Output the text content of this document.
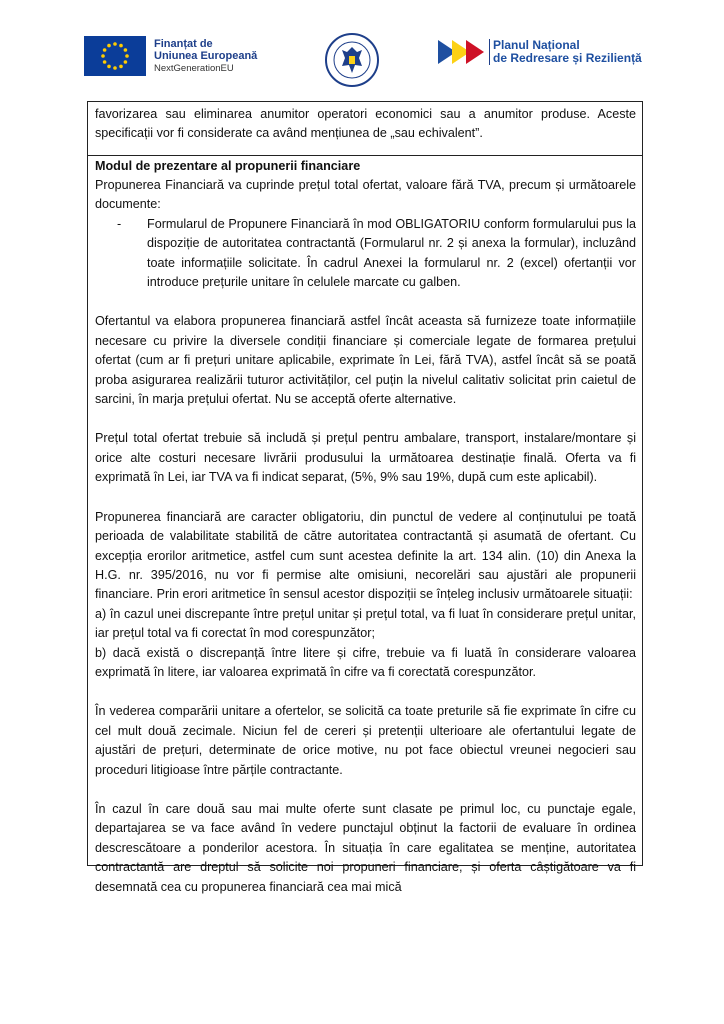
Finanțat de
Uniunea Europeană
NextGenerationEU
Planul Național
de Redresare și Reziliență

favorizarea sau eliminarea anumitor operatori economici sau a anumitor produse. Aceste specificații vor fi considerate ca având mențiunea de „sau echivalent”.

Modul de prezentare al propunerii financiare

Propunerea Financiară va cuprinde prețul total ofertat, valoare fără TVA, precum și următoarele documente:

- Formularul de Propunere Financiară în mod OBLIGATORIU conform formularului pus la dispoziție de autoritatea contractantă (Formularul nr. 2 și anexa la formular), incluzând toate informațiile solicitate. În cadrul Anexei la formularul nr. 2 (excel) ofertanții vor introduce prețurile unitare în celulele marcate cu galben.

Ofertantul va elabora propunerea financiară astfel încât aceasta să furnizeze toate informațiile necesare cu privire la diversele condiții financiare și comerciale legate de formarea prețului ofertat (cum ar fi prețuri unitare aplicabile, exprimate în Lei, fără TVA), astfel încât să se poată proba asigurarea realizării tuturor activităților, cel puțin la nivelul calitativ solicitat prin caietul de sarcini, în marja prețului ofertat. Nu se acceptă oferte alternative.

Prețul total ofertat trebuie să includă și prețul pentru ambalare, transport, instalare/montare și orice alte costuri necesare livrării produsului la următoarea destinație finală. Oferta va fi exprimată în Lei, iar TVA va fi indicat separat, (5%, 9% sau 19%, după cum este aplicabil).

Propunerea financiară are caracter obligatoriu, din punctul de vedere al conținutului pe toată perioada de valabilitate stabilită de către autoritatea contractantă și asumată de ofertant. Cu excepția erorilor aritmetice, astfel cum sunt acestea definite la art. 134 alin. (10) din Anexa la H.G. nr. 395/2016, nu vor fi permise alte omisiuni, necorelări sau ajustări ale propunerii financiare. Prin erori aritmetice în sensul acestor dispoziții se înțeleg inclusiv următoarele situații:

a) în cazul unei discrepante între prețul unitar și prețul total, va fi luat în considerare prețul unitar, iar prețul total va fi corectat în mod corespunzător;

b) dacă există o discrepanță între litere și cifre, trebuie va fi luată în considerare valoarea exprimată în litere, iar valoarea exprimată în cifre va fi corectată corespunzător.

În vederea comparării unitare a ofertelor, se solicită ca toate preturile să fie exprimate în cifre cu cel mult două zecimale. Niciun fel de cereri și pretenții ulterioare ale ofertantului legate de ajustări de prețuri, determinate de orice motive, nu pot face obiectul vreunei negocieri sau proceduri litigioase între părțile contractante.

În cazul în care două sau mai multe oferte sunt clasate pe primul loc, cu punctaje egale, departajarea se va face având în vedere punctajul obținut la factorii de evaluare în ordinea descrescătoare a ponderilor acestora. În situația în care egalitatea se menține, autoritatea contractantă are dreptul să solicite noi propuneri financiare, și oferta câștigătoare va fi desemnată cea cu propunerea financiară cea mai mică
